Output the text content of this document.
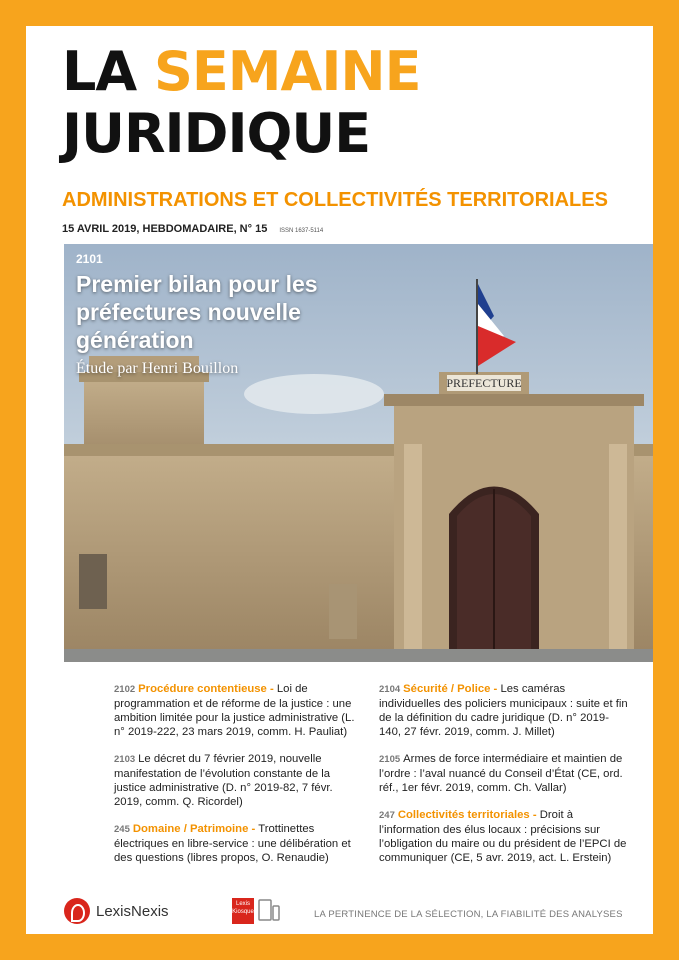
LA SEMAINE
JURIDIQUE
ADMINISTRATIONS ET COLLECTIVITÉS TERRITORIALES
15 AVRIL 2019, HEBDOMADAIRE, N° 15 ISSN 1637-5114
PREFECTURE
2101
Premier bilan pour les préfectures nouvelle génération
Étude par Henri Bouillon
2102 Procédure contentieuse - Loi de programmation et de réforme de la justice : une ambition limitée pour la justice administrative (L. n° 2019-222, 23 mars 2019, comm. H. Pauliat)
2103 Le décret du 7 février 2019, nouvelle manifestation de l’évolution constante de la justice administrative (D. n° 2019-82, 7 févr. 2019, comm. Q. Ricordel)
245 Domaine / Patrimoine - Trottinettes électriques en libre-service : une délibération et des questions (libres propos, O. Renaudie)
2104 Sécurité / Police - Les caméras individuelles des policiers municipaux : suite et fin de la définition du cadre juridique (D. n° 2019-140, 27 févr. 2019, comm. J. Millet)
2105 Armes de force intermédiaire et maintien de l’ordre : l’aval nuancé du Conseil d’État (CE, ord. réf., 1er févr. 2019, comm. Ch. Vallar)
247 Collectivités territoriales - Droit à l’information des élus locaux : précisions sur l’obligation du maire ou du président de l’EPCI de communiquer (CE, 5 avr. 2019, act. L. Erstein)
LexisNexis	Lexis Kiosque	LA PERTINENCE DE LA SÉLECTION, LA FIABILITÉ DES ANALYSES
